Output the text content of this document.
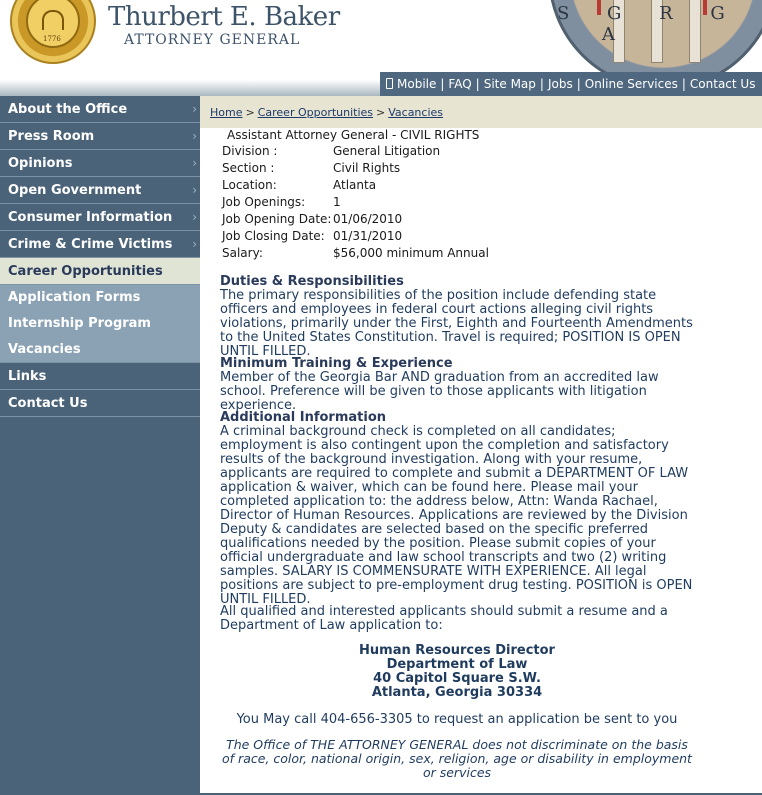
1776
Thurbert E. Baker
ATTORNEY GENERAL
S G R G I A
Mobile | FAQ | Site Map | Jobs | Online Services | Contact Us
About the Office	›
Press Room	›
Opinions	›
Open Government	›
Consumer Information ›
Crime & Crime Victims ›
Career Opportunities
Application Forms
Internship Program
Vacancies
Links
Contact Us
Home > Career Opportunities > Vacancies
Assistant Attorney General - CIVIL RIGHTS
Division :	General Litigation
Section :	Civil Rights
Location:	Atlanta
Job Openings:	1
Job Opening Date:	01/06/2010
Job Closing Date:	01/31/2010
Salary:	$56,000 minimum Annual
Duties & Responsibilities
The primary responsibilities of the position include defending state officers and employees in federal court actions alleging civil rights violations, primarily under the First, Eighth and Fourteenth Amendments to the United States Constitution. Travel is required; POSITION IS OPEN UNTIL FILLED.
Minimum Training & Experience
Member of the Georgia Bar AND graduation from an accredited law school. Preference will be given to those applicants with litigation experience.
Additional Information
A criminal background check is completed on all candidates; employment is also contingent upon the completion and satisfactory results of the background investigation. Along with your resume, applicants are required to complete and submit a DEPARTMENT OF LAW application & waiver, which can be found here. Please mail your completed application to: the address below, Attn: Wanda Rachael, Director of Human Resources. Applications are reviewed by the Division Deputy & candidates are selected based on the specific preferred qualifications needed by the position. Please submit copies of your official undergraduate and law school transcripts and two (2) writing samples. SALARY IS COMMENSURATE WITH EXPERIENCE. All legal positions are subject to pre-employment drug testing. POSITION is OPEN UNTIL FILLED.
All qualified and interested applicants should submit a resume and a Department of Law application to:
Human Resources Director
Department of Law
40 Capitol Square S.W.
Atlanta, Georgia 30334
You May call 404-656-3305 to request an application be sent to you
The Office of THE ATTORNEY GENERAL does not discriminate on the basis of race, color, national origin, sex, religion, age or disability in employment or services
